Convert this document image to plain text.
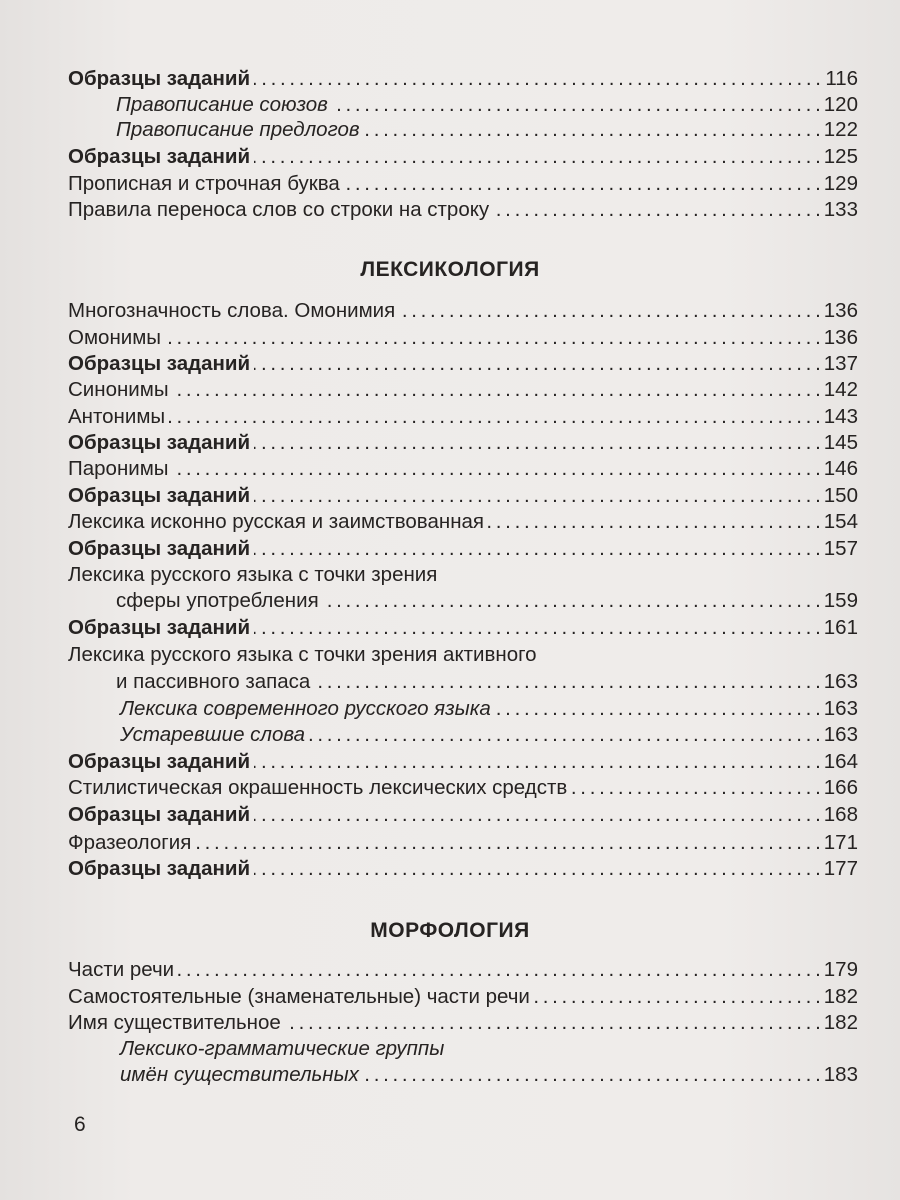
Образцы заданий . . .	116
Правописание союзов . . .	120
Правописание предлогов . . .	122
Образцы заданий . . .	125
Прописная и строчная буква . . .	129
Правила переноса слов со строки на строку . . .	133
ЛЕКСИКОЛОГИЯ
Многозначность слова. Омонимия . . .	136
Омонимы . . .	136
Образцы заданий . . .	137
Синонимы . . .	142
Антонимы . . .	143
Образцы заданий . . .	145
Паронимы . . .	146
Образцы заданий . . .	150
Лексика исконно русская и заимствованная . . .	154
Образцы заданий . . .	157
Лексика русского языка с точки зрения
сферы употребления . . .	159
Образцы заданий . . .	161
Лексика русского языка с точки зрения активного
и пассивного запаса . . .	163
Лексика современного русского языка . . .	163
Устаревшие слова . . .	163
Образцы заданий . . .	164
Стилистическая окрашенность лексических средств . . .	166
Образцы заданий . . .	168
Фразеология . . .	171
Образцы заданий . . .	177
МОРФОЛОГИЯ
Части речи . . .	179
Самостоятельные (знаменательные) части речи . . .	182
Имя существительное . . .	182
Лексико-грамматические группы
имён существительных . . .	183
6
